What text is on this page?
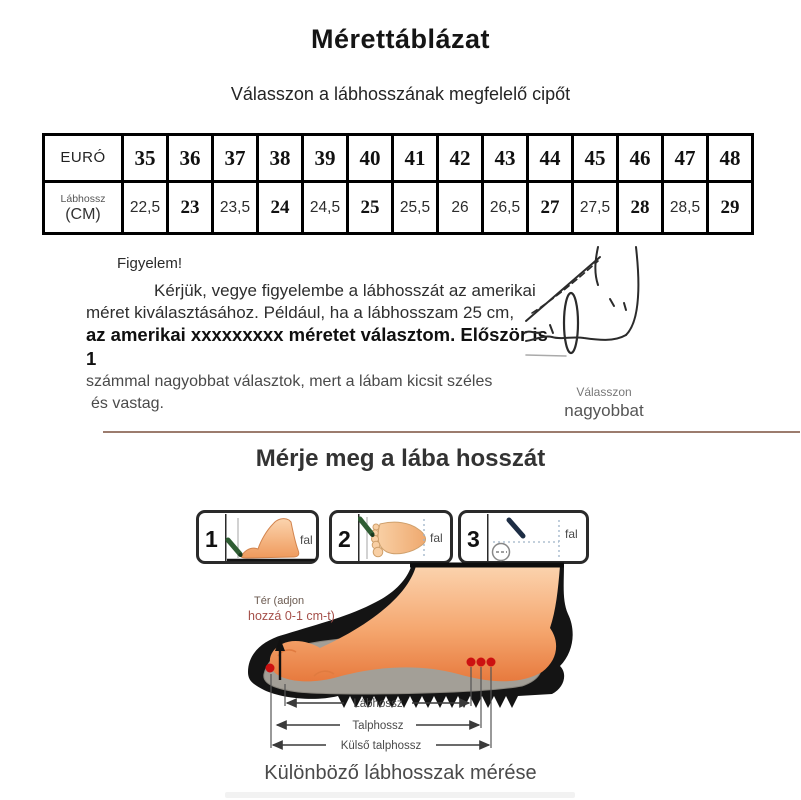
Mérettáblázat
Válasszon a lábhosszának megfelelő cipőt
EURÓ	35	36	37	38	39	40	41	42	43	44	45	46	47	48

Lábhossz
(CM)	22,5	23	23,5	24	24,5	25	25,5	26	26,5	27	27,5	28	28,5	29
Figyelem!
Kérjük, vegye figyelembe a lábhosszát az amerikai
méret kiválasztásához. Például, ha a lábhosszam 25 cm,
az amerikai xxxxxxxxx méretet választom. Először is 1
számmal nagyobbat választok, mert a lábam kicsit széles
és vastag.
Válasszon
nagyobbat
Mérje meg a lába hosszát
1	fal 2	fal 3	fal
Tér (adjon
hozzá 0-1 cm-t)
Lábhossz
Talphossz
Külső talphossz
Különböző lábhosszak mérése
